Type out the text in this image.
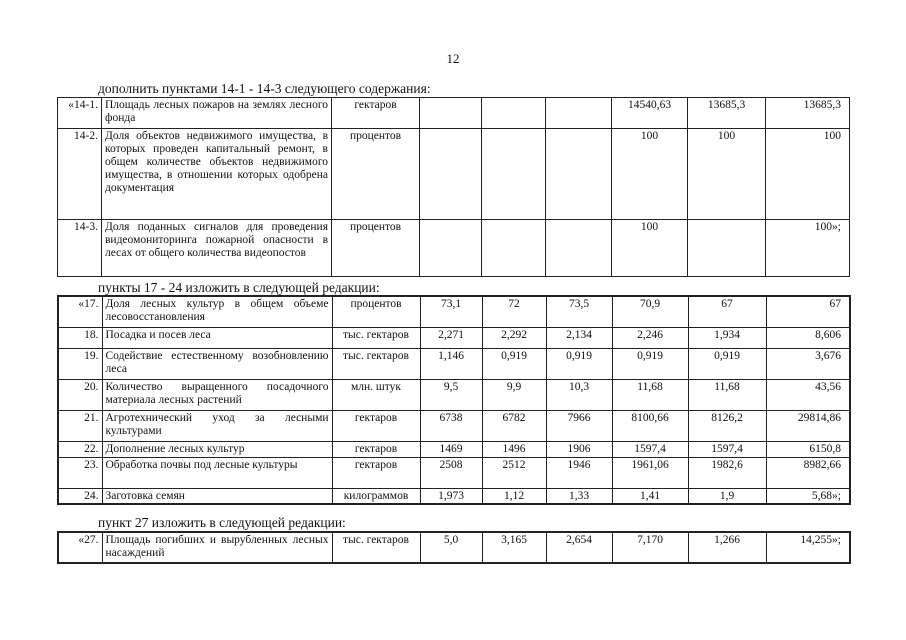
12
дополнить пунктами 14-1 - 14-3 следующего содержания:
«14-1.	Площадь лесных пожаров на землях лесного фонда	гектаров				14540,63	13685,3	13685,3
14-2.	Доля объектов недвижимого имущества, в которых проведен капитальный ремонт, в общем количестве объектов недвижимого имущества, в отношении которых одобрена документация	процентов				100	100	100
14-3.	Доля поданных сигналов для проведения видеомониторинга пожарной опасности в лесах от общего количества видеопостов	процентов				100		100»;
пункты 17 - 24 изложить в следующей редакции:
«17.	Доля лесных культур в общем объеме лесовосстановления	процентов	73,1	72	73,5	70,9	67	67
18.	Посадка и посев леса	тыс. гектаров	2,271	2,292	2,134	2,246	1,934	8,606
19.	Содействие естественному возобновлению леса	тыс. гектаров	1,146	0,919	0,919	0,919	0,919	3,676
20.	Количество выращенного посадочного материала лесных растений	млн. штук	9,5	9,9	10,3	11,68	11,68	43,56
21.	Агротехнический уход за лесными культурами	гектаров	6738	6782	7966	8100,66	8126,2	29814,86
22.	Дополнение лесных культур	гектаров	1469	1496	1906	1597,4	1597,4	6150,8
23.	Обработка почвы под лесные культуры	гектаров	2508	2512	1946	1961,06	1982,6	8982,66
24.	Заготовка семян	килограммов	1,973	1,12	1,33	1,41	1,9	5,68»;
пункт 27 изложить в следующей редакции:
«27.	Площадь погибших и вырубленных лесных насаждений	тыс. гектаров	5,0	3,165	2,654	7,170	1,266	14,255»;
